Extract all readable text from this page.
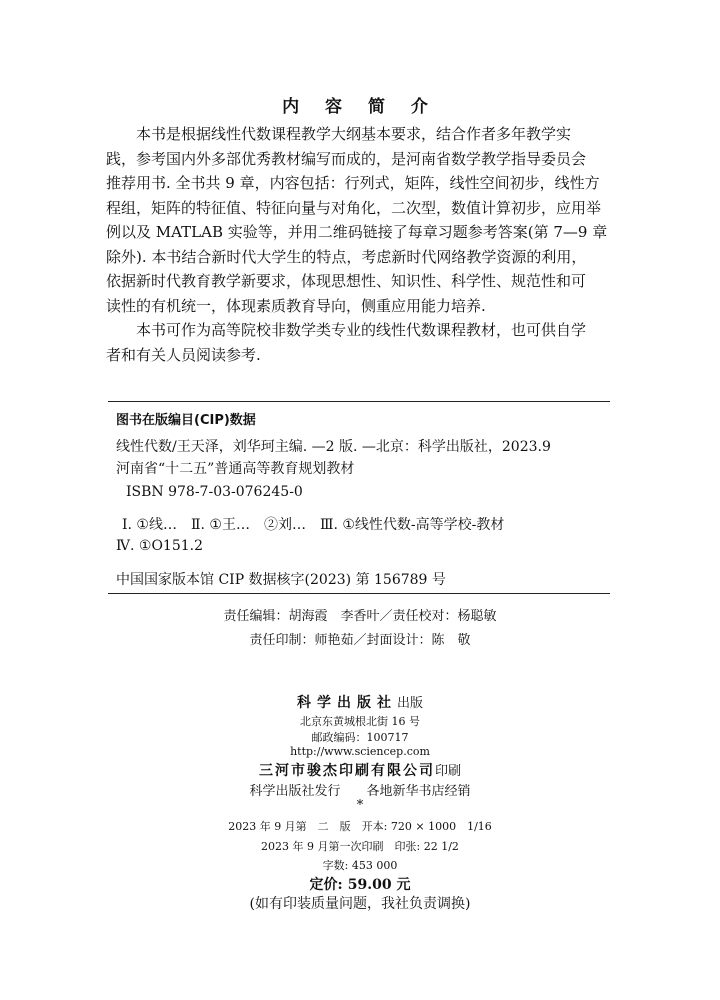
内 容 简 介
本书是根据线性代数课程教学大纲基本要求，结合作者多年教学实
践，参考国内外多部优秀教材编写而成的，是河南省数学教学指导委员会
推荐用书. 全书共 9 章，内容包括：行列式，矩阵，线性空间初步，线性方
程组，矩阵的特征值、特征向量与对角化，二次型，数值计算初步，应用举
例以及 MATLAB 实验等，并用二维码链接了每章习题参考答案(第 7—9 章
除外). 本书结合新时代大学生的特点，考虑新时代网络教学资源的利用，
依据新时代教育教学新要求，体现思想性、知识性、科学性、规范性和可
读性的有机统一，体现素质教育导向，侧重应用能力培养.
本书可作为高等院校非数学类专业的线性代数课程教材，也可供自学
者和有关人员阅读参考.
图书在版编目(CIP)数据
线性代数/王天泽，刘华珂主编. —2 版. —北京：科学出版社，2023.9
河南省“十二五”普通高等教育规划教材
ISBN 978-7-03-076245-0
Ⅰ. ①线…　Ⅱ. ①王…　②刘…　Ⅲ. ①线性代数-高等学校-教材
Ⅳ. ①O151.2
中国国家版本馆 CIP 数据核字(2023) 第 156789 号
责任编辑：胡海霞　李香叶／责任校对：杨聪敏
责任印制：师艳茹／封面设计：陈　敬
科学出版社出版
北京东黄城根北街 16 号
邮政编码：100717
http://www.sciencep.com
三河市骏杰印刷有限公司印刷
科学出版社发行　　各地新华书店经销
*
2023 年 9 月第　二　版　开本: 720 × 1000　1/16
2023 年 9 月第一次印刷　印张: 22 1/2
字数: 453 000
定价: 59.00 元
(如有印装质量问题，我社负责调换)
